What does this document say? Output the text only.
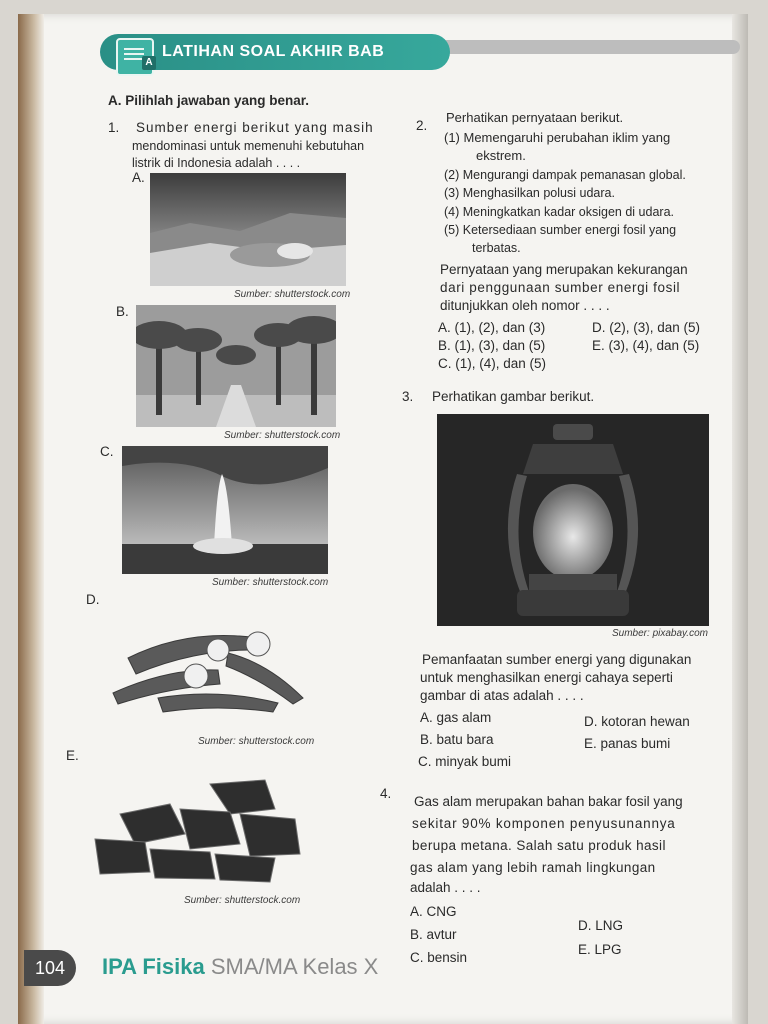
A
LATIHAN SOAL AKHIR BAB
A. Pilihlah jawaban yang benar.
1. Sumber energi berikut yang masih
mendominasi untuk memenuhi kebutuhan
listrik di Indonesia adalah . . . .
A.
Sumber: shutterstock.com
B.
Sumber: shutterstock.com
C.
Sumber: shutterstock.com
D.
Sumber: shutterstock.com
E.
Sumber: shutterstock.com
2.
Perhatikan pernyataan berikut.
(1) Memengaruhi perubahan iklim yang
ekstrem.
(2) Mengurangi dampak pemanasan global.
(3) Menghasilkan polusi udara.
(4) Meningkatkan kadar oksigen di udara.
(5) Ketersediaan sumber energi fosil yang
terbatas.
Pernyataan yang merupakan kekurangan
dari penggunaan sumber energi fosil
ditunjukkan oleh nomor . . . .
A. (1), (2), dan (3)	D. (2), (3), dan (5)
B. (1), (3), dan (5)	E. (3), (4), dan (5)
C. (1), (4), dan (5)
3. Perhatikan gambar berikut.
Sumber: pixabay.com
Pemanfaatan sumber energi yang digunakan
untuk menghasilkan energi cahaya seperti
gambar di atas adalah . . . .
A. gas alam	D. kotoran hewan
B. batu bara	E. panas bumi
C. minyak bumi
4.
Gas alam merupakan bahan bakar fosil yang
sekitar 90% komponen penyusunannya
berupa metana. Salah satu produk hasil
gas alam yang lebih ramah lingkungan
adalah . . . .
A. CNG
D. LNG
B. avtur
E. LPG
C. bensin
104	IPA Fisika SMA/MA Kelas X
